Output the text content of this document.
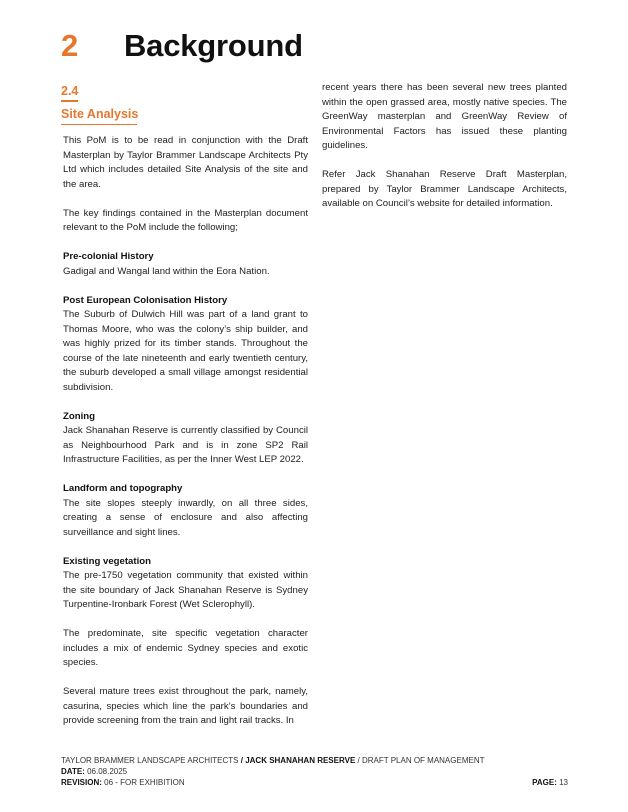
2	Background
2.4
Site Analysis

This PoM is to be read in conjunction with the Draft Masterplan by Taylor Brammer Landscape Architects Pty Ltd which includes detailed Site Analysis of the site and the area.

The key findings contained in the Masterplan document relevant to the PoM include the following;

Pre-colonial History

Gadigal and Wangal land within the Eora Nation.

Post European Colonisation History

The Suburb of Dulwich Hill was part of a land grant to Thomas Moore, who was the colony’s ship builder, and was highly prized for its timber stands. Throughout the course of the late nineteenth and early twentieth century, the suburb developed a small village amongst residential subdivision.

Zoning

Jack Shanahan Reserve is currently classified by Council as Neighbourhood Park and is in zone SP2 Rail Infrastructure Facilities, as per the Inner West LEP 2022.

Landform and topography

The site slopes steeply inwardly, on all three sides, creating a sense of enclosure and also affecting surveillance and sight lines.

Existing vegetation

The pre-1750 vegetation community that existed within the site boundary of Jack Shanahan Reserve is Sydney Turpentine-Ironbark Forest (Wet Sclerophyll).

The predominate, site specific vegetation character includes a mix of endemic Sydney species and exotic species.

Several mature trees exist throughout the park, namely, casurina, species which line the park’s boundaries and provide screening from the train and light rail tracks. In

recent years there has been several new trees planted within the open grassed area, mostly native species. The GreenWay masterplan and GreenWay Review of Environmental Factors has issued these planting guidelines.

Refer Jack Shanahan Reserve Draft Masterplan, prepared by Taylor Brammer Landscape Architects, available on Council’s website for detailed information.

TAYLOR BRAMMER LANDSCAPE ARCHITECTS / JACK SHANAHAN RESERVE / DRAFT PLAN OF MANAGEMENT
DATE: 06.08.2025
REVISION: 06 - FOR EXHIBITION	PAGE: 13
